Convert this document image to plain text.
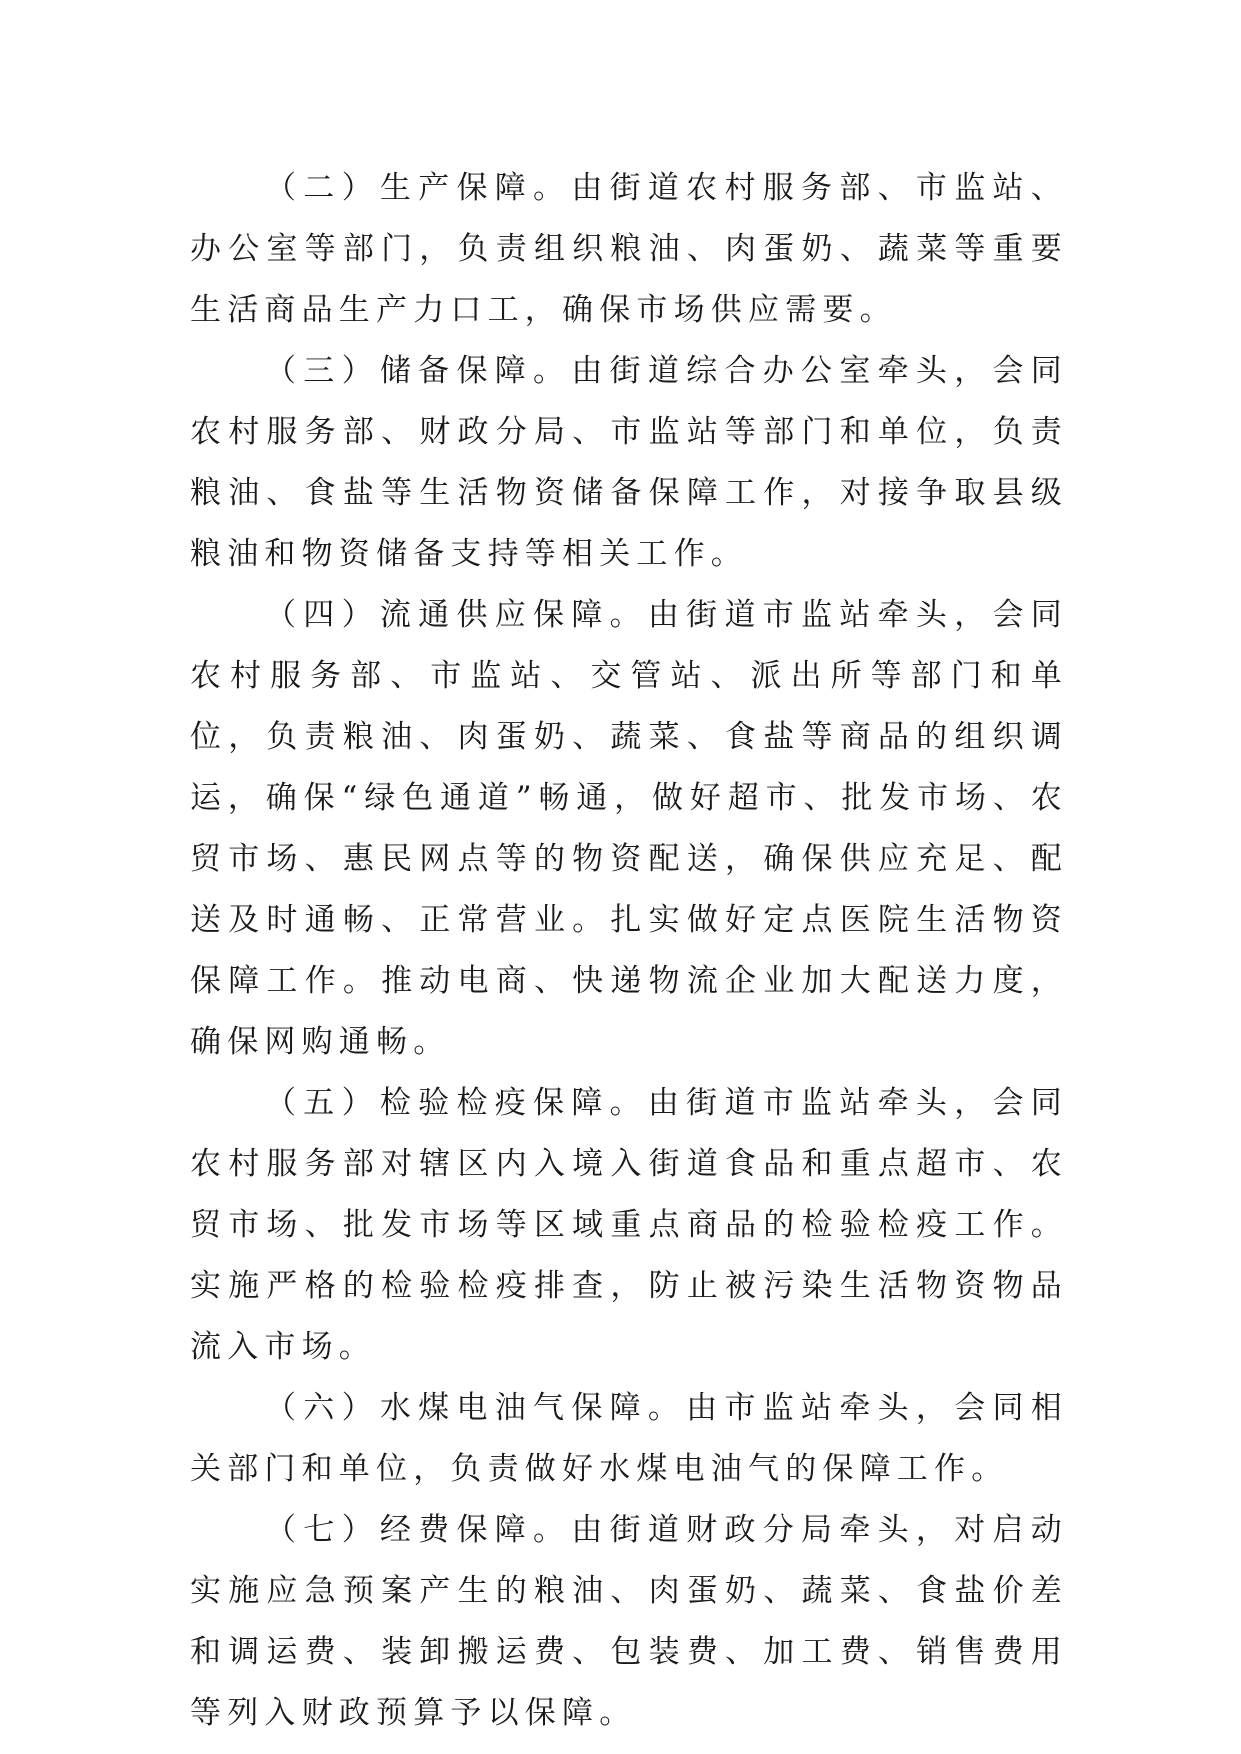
（二）生产保障。由街道农村服务部、市监站、办公室等部门，负责组织粮油、肉蛋奶、蔬菜等重要生活商品生产力口工，确保市场供应需要。

（三）储备保障。由街道综合办公室牵头，会同农村服务部、财政分局、市监站等部门和单位，负责粮油、食盐等生活物资储备保障工作，对接争取县级粮油和物资储备支持等相关工作。

（四）流通供应保障。由街道市监站牵头，会同农村服务部、市监站、交管站、派出所等部门和单位，负责粮油、肉蛋奶、蔬菜、食盐等商品的组织调运，确保“绿色通道”畅通，做好超市、批发市场、农贸市场、惠民网点等的物资配送，确保供应充足、配送及时通畅、正常营业。扎实做好定点医院生活物资保障工作。推动电商、快递物流企业加大配送力度，确保网购通畅。

（五）检验检疫保障。由街道市监站牵头，会同农村服务部对辖区内入境入街道食品和重点超市、农贸市场、批发市场等区域重点商品的检验检疫工作。实施严格的检验检疫排查，防止被污染生活物资物品流入市场。

（六）水煤电油气保障。由市监站牵头，会同相关部门和单位，负责做好水煤电油气的保障工作。

（七）经费保障。由街道财政分局牵头，对启动实施应急预案产生的粮油、肉蛋奶、蔬菜、食盐价差和调运费、装卸搬运费、包装费、加工费、销售费用等列入财政预算予以保障。
